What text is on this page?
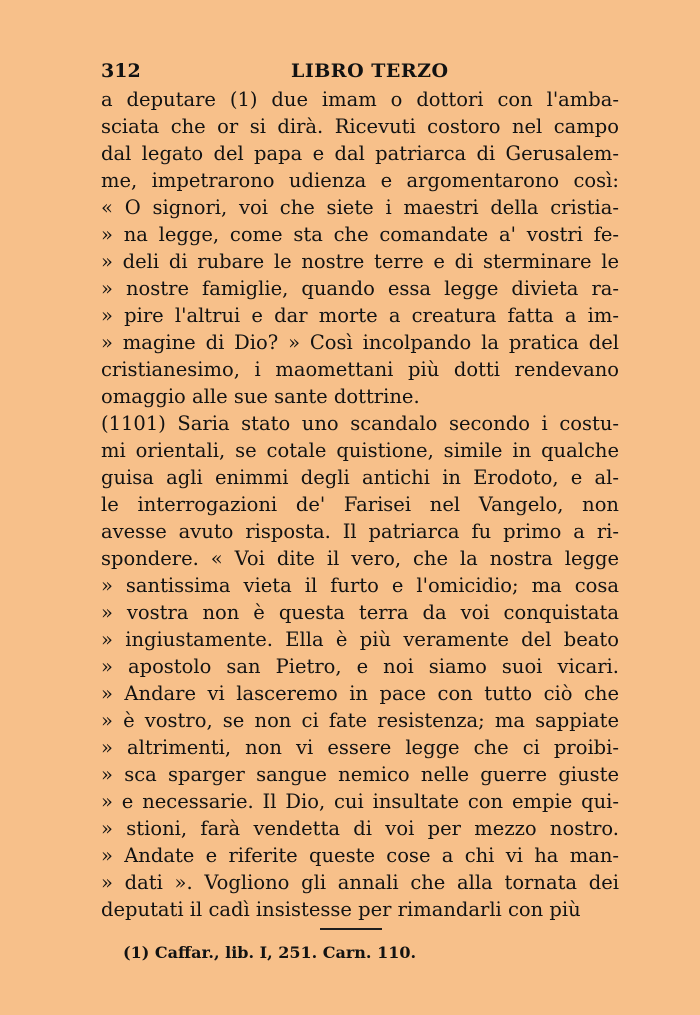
312	LIBRO TERZO
a deputare (1) due imam o dottori con l'amba-
sciata che or si dirà. Ricevuti costoro nel campo
dal legato del papa e dal patriarca di Gerusalem-
me, impetrarono udienza e argomentarono così:
« O signori, voi che siete i maestri della cristia-
» na legge, come sta che comandate a' vostri fe-
» deli di rubare le nostre terre e di sterminare le
» nostre famiglie, quando essa legge divieta ra-
» pire l'altrui e dar morte a creatura fatta a im-
» magine di Dio? » Così incolpando la pratica del
cristianesimo, i maomettani più dotti rendevano
omaggio alle sue sante dottrine.
(1101) Saria stato uno scandalo secondo i costu-
mi orientali, se cotale quistione, simile in qualche
guisa agli enimmi degli antichi in Erodoto, e al-
le interrogazioni de' Farisei nel Vangelo, non
avesse avuto risposta. Il patriarca fu primo a ri-
spondere. « Voi dite il vero, che la nostra legge
» santissima vieta il furto e l'omicidio; ma cosa
» vostra non è questa terra da voi conquistata
» ingiustamente. Ella è più veramente del beato
» apostolo san Pietro, e noi siamo suoi vicari.
» Andare vi lasceremo in pace con tutto ciò che
» è vostro, se non ci fate resistenza; ma sappiate
» altrimenti, non vi essere legge che ci proibi-
» sca sparger sangue nemico nelle guerre giuste
» e necessarie. Il Dio, cui insultate con empie qui-
» stioni, farà vendetta di voi per mezzo nostro.
» Andate e riferite queste cose a chi vi ha man-
» dati ». Vogliono gli annali che alla tornata dei
deputati il cadì insistesse per rimandarli con più
(1) Caffar., lib. I, 251. Carn. 110.
